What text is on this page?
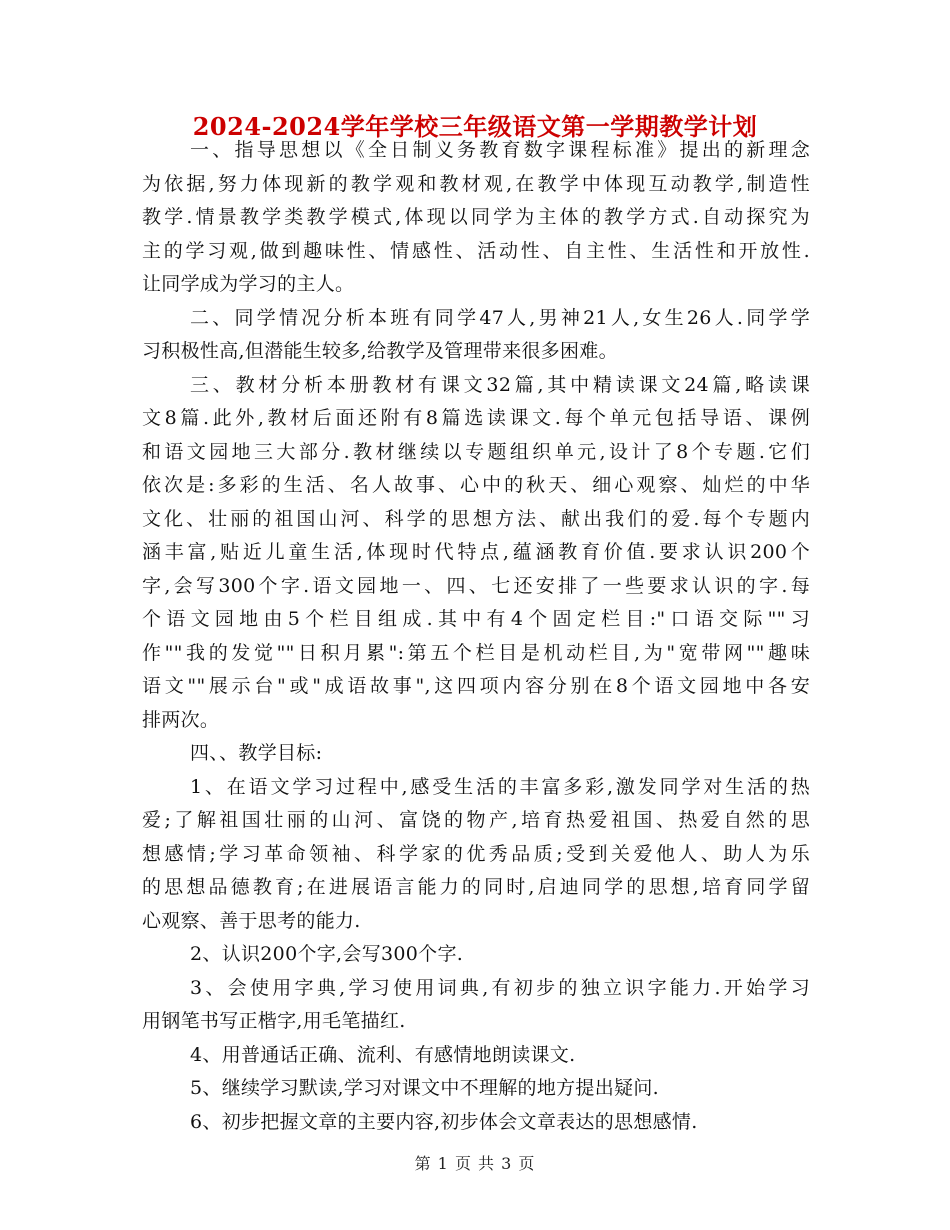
2024-2024学年学校三年级语文第一学期教学计划
一、指导思想以《全日制义务教育数字课程标准》提出的新理念
为依据,努力体现新的教学观和教材观,在教学中体现互动教学,制造性
教学.情景教学类教学模式,体现以同学为主体的教学方式.自动探究为
主的学习观,做到趣味性、情感性、活动性、自主性、生活性和开放性.
让同学成为学习的主人。
二、同学情况分析本班有同学47人,男神21人,女生26人.同学学
习积极性高,但潜能生较多,给教学及管理带来很多困难。
三、教材分析本册教材有课文32篇,其中精读课文24篇,略读课
文8篇.此外,教材后面还附有8篇选读课文.每个单元包括导语、课例
和语文园地三大部分.教材继续以专题组织单元,设计了8个专题.它们
依次是:多彩的生活、名人故事、心中的秋天、细心观察、灿烂的中华
文化、壮丽的祖国山河、科学的思想方法、献出我们的爱.每个专题内
涵丰富,贴近儿童生活,体现时代特点,蕴涵教育价值.要求认识200个
字,会写300个字.语文园地一、四、七还安排了一些要求认识的字.每
个语文园地由5个栏目组成.其中有4个固定栏目:"口语交际""习
作""我的发觉""日积月累":第五个栏目是机动栏目,为"宽带网""趣味
语文""展示台"或"成语故事",这四项内容分别在8个语文园地中各安
排两次。
四、、教学目标:
1、在语文学习过程中,感受生活的丰富多彩,激发同学对生活的热
爱;了解祖国壮丽的山河、富饶的物产,培育热爱祖国、热爱自然的思
想感情;学习革命领袖、科学家的优秀品质;受到关爱他人、助人为乐
的思想品德教育;在进展语言能力的同时,启迪同学的思想,培育同学留
心观察、善于思考的能力.
2、认识200个字,会写300个字.
3、会使用字典,学习使用词典,有初步的独立识字能力.开始学习
用钢笔书写正楷字,用毛笔描红.
4、用普通话正确、流利、有感情地朗读课文.
5、继续学习默读,学习对课文中不理解的地方提出疑问.
6、初步把握文章的主要内容,初步体会文章表达的思想感情.
第 1 页 共 3 页
